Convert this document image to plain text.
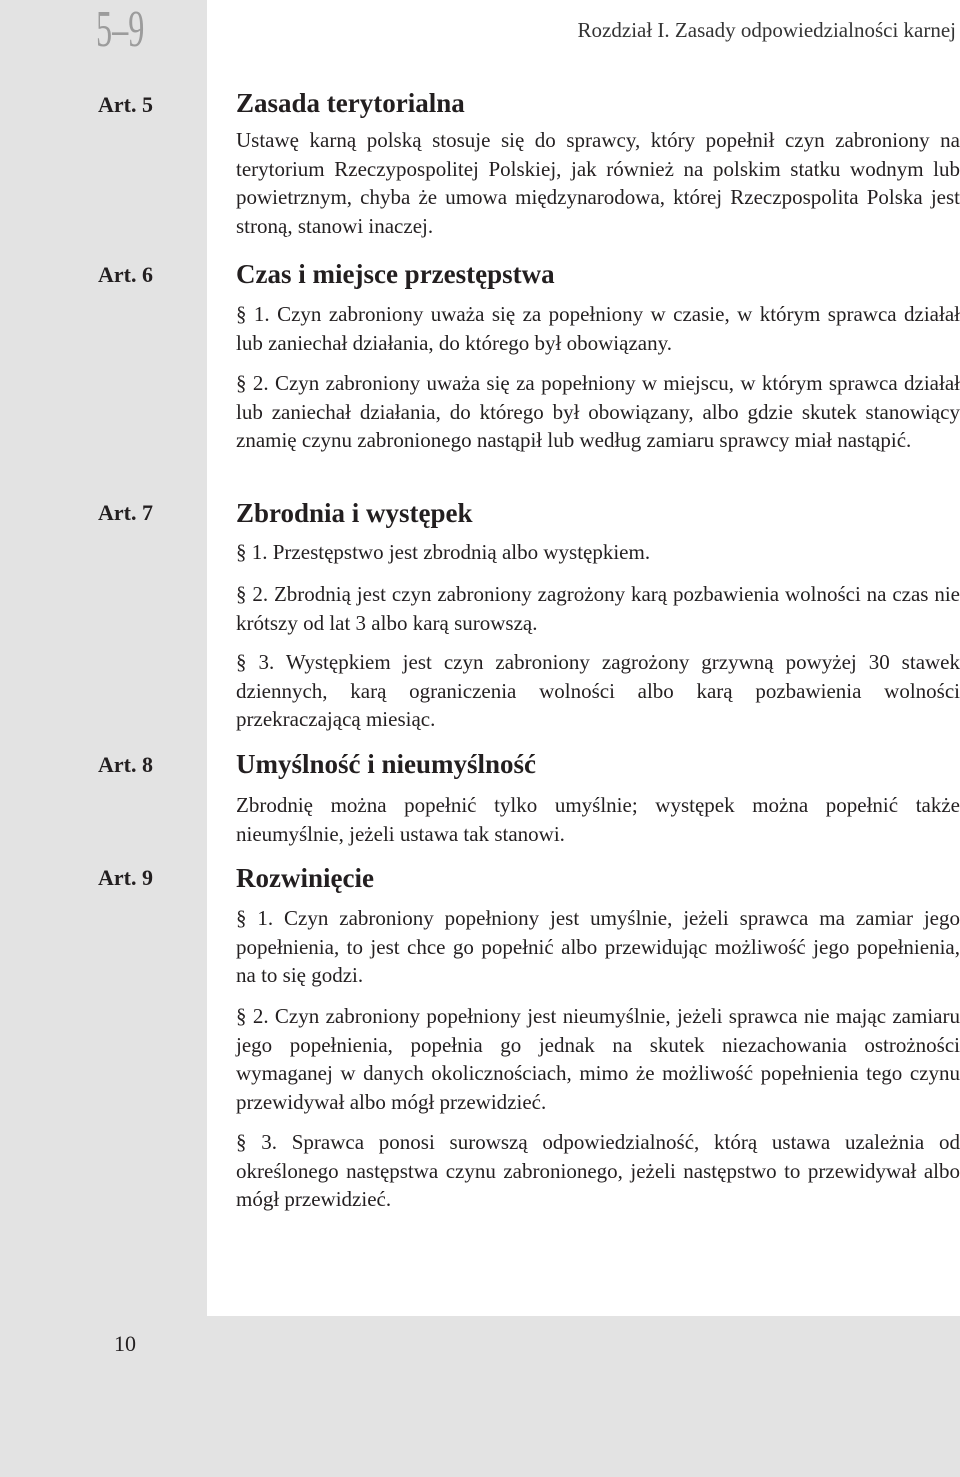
5–9	Rozdział I. Zasady odpowiedzialności karnej
Art. 5	Zasada terytorialna
Ustawę karną polską stosuje się do sprawcy, który popełnił czyn zabroniony na terytorium Rzeczypospolitej Polskiej, jak również na polskim statku wodnym lub powietrznym, chyba że umowa międzynarodowa, której Rzeczpospolita Polska jest stroną, stanowi inaczej.
Art. 6	Czas i miejsce przestępstwa
§ 1. Czyn zabroniony uważa się za popełniony w czasie, w którym sprawca działał lub zaniechał działania, do którego był obowiązany.
§ 2. Czyn zabroniony uważa się za popełniony w miejscu, w którym sprawca działał lub zaniechał działania, do którego był obowiązany, albo gdzie skutek stanowiący znamię czynu zabronionego nastąpił lub według zamiaru sprawcy miał nastąpić.
Art. 7	Zbrodnia i występek
§ 1. Przestępstwo jest zbrodnią albo występkiem.
§ 2. Zbrodnią jest czyn zabroniony zagrożony karą pozbawienia wolności na czas nie krótszy od lat 3 albo karą surowszą.
§ 3. Występkiem jest czyn zabroniony zagrożony grzywną powyżej 30 stawek dziennych, karą ograniczenia wolności albo karą pozbawienia wolności przekraczającą miesiąc.
Art. 8	Umyślność i nieumyślność
Zbrodnię można popełnić tylko umyślnie; występek można popełnić także nieumyślnie, jeżeli ustawa tak stanowi.
Art. 9	Rozwinięcie
§ 1. Czyn zabroniony popełniony jest umyślnie, jeżeli sprawca ma zamiar jego popełnienia, to jest chce go popełnić albo przewidując możliwość jego popełnienia, na to się godzi.
§ 2. Czyn zabroniony popełniony jest nieumyślnie, jeżeli sprawca nie mając zamiaru jego popełnienia, popełnia go jednak na skutek niezachowania ostrożności wymaganej w danych okolicznościach, mimo że możliwość popełnienia tego czynu przewidywał albo mógł przewidzieć.
§ 3. Sprawca ponosi surowszą odpowiedzialność, którą ustawa uzależnia od określonego następstwa czynu zabronionego, jeżeli następstwo to przewidywał albo mógł przewidzieć.
10
